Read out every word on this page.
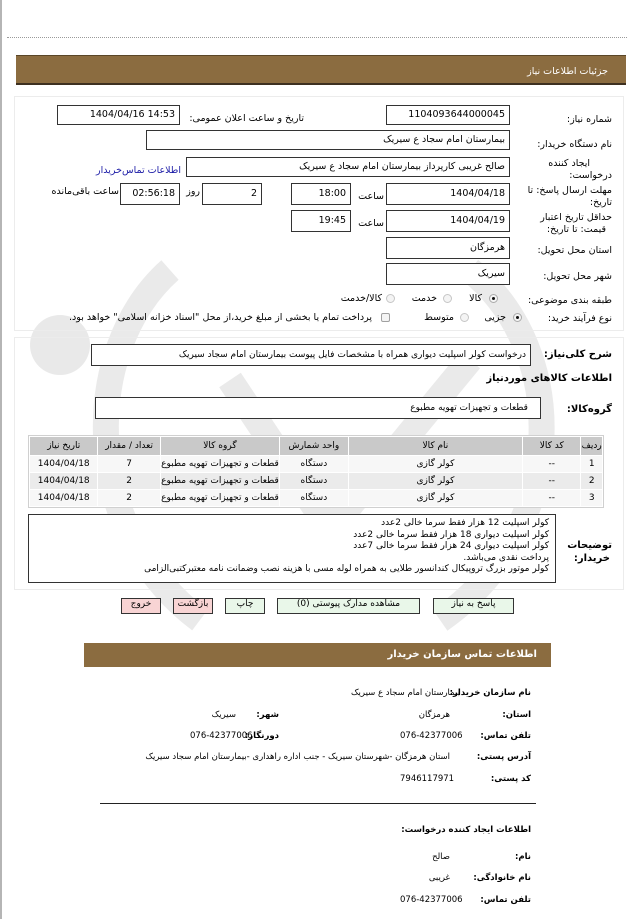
جزئیات اطلاعات نیاز
شماره نیاز:
1104093644000045
تاریخ و ساعت اعلان عمومی:
1404/04/16 14:53
نام دستگاه خریدار:
بیمارستان امام سجاد ع سیریک
ایجاد کننده
درخواست:
صالح غریبی کارپرداز بیمارستان امام سجاد ع سیریک
اطلاعات تماس‌خریدار
مهلت ارسال پاسخ: تا
تاریخ:
1404/04/18
ساعت
18:00
2
روز
02:56:18
ساعت باقی‌مانده
حداقل تاریخ اعتبار
قیمت: تا تاریخ:
1404/04/19
ساعت
19:45
استان محل تحویل:
هرمزگان
شهر محل تحویل:
سیریک
طبقه بندی موضوعی:
کالا
خدمت
کالا/خدمت
نوع فرآیند خرید:
جزیی
متوسط
پرداخت تمام یا بخشی از مبلغ خرید،از محل "اسناد خزانه اسلامی" خواهد بود.
شرح کلی‌نیاز:
درخواست کولر اسپلیت دیواری همراه با مشخصات فایل پیوست بیمارستان امام سجاد سیریک
اطلاعات کالاهای موردنیاز
گروه‌کالا:
قطعات و تجهیزات تهویه مطبوع
ردیف	کد کالا	نام کالا	واحد شمارش	گروه کالا	تعداد / مقدار	تاریخ نیاز
1	--	کولر گازی	دستگاه	قطعات و تجهیزات تهویه مطبوع	7	1404/04/18
2	--	کولر گازی	دستگاه	قطعات و تجهیزات تهویه مطبوع	2	1404/04/18
3	--	کولر گازی	دستگاه	قطعات و تجهیزات تهویه مطبوع	2	1404/04/18
توضیحات
خریدار:
کولر اسپلیت 12 هزار فقط سرما خالی 2عدد
کولر اسپلیت دیواری 18 هزار فقط سرما خالی 2عدد
کولر اسپلیت دیواری 24 هزار فقط سرما خالی 7عدد
پرداخت نقدی می‌باشد.
کولر موتور بزرگ تروپیکال کندانسور طلایی به همراه لوله مسی با هزینه نصب وضمانت نامه معتبرکتبی‌الزامی
پاسخ به نیاز
مشاهده مدارک پیوستی (0)
چاپ
بازگشت
خروج
اطلاعات تماس سازمان خریدار
نام سازمان خریدار:
بیمارستان امام سجاد ع سیریک
استان:
هرمزگان
شهر:
سیریک
تلفن تماس:
076-42377006
دورنگار:
076-42377006
آدرس پستی:
استان هرمزگان -شهرستان سیریک - جنب اداره راهداری -بیمارستان امام سجاد سیریک
کد پستی:
7946117971
اطلاعات ایجاد کننده درخواست:
نام:
صالح
نام خانوادگی:
غریبی
تلفن تماس:
076-42377006
